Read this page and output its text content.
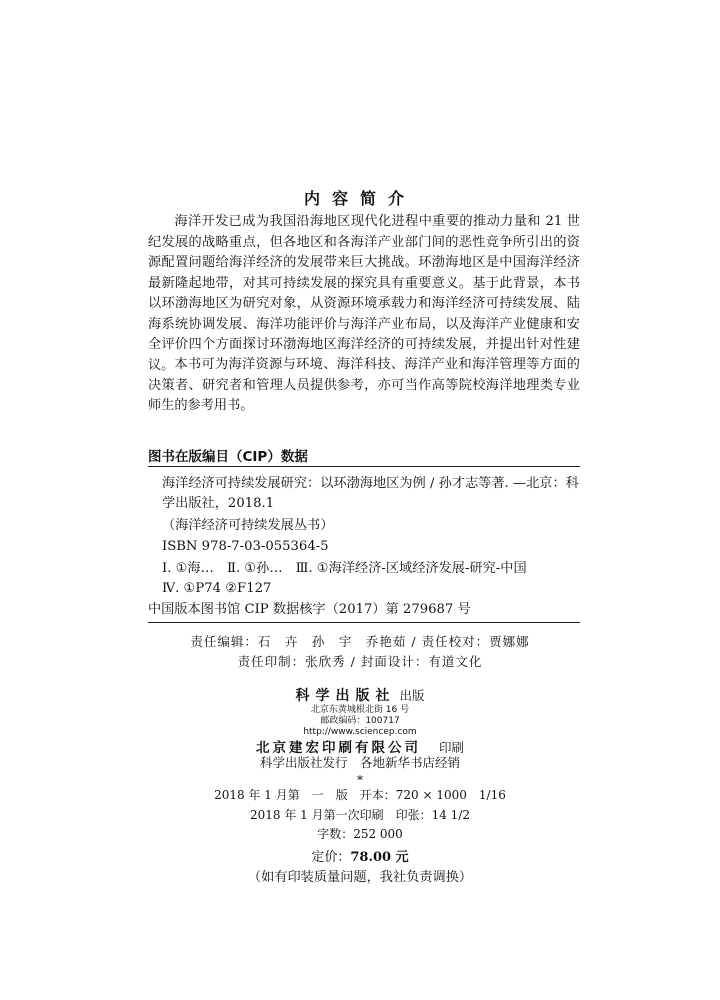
内容简介

海洋开发已成为我国沿海地区现代化进程中重要的推动力量和 21 世纪发展的战略重点，但各地区和各海洋产业部门间的恶性竞争所引出的资源配置问题给海洋经济的发展带来巨大挑战。环渤海地区是中国海洋经济最新隆起地带，对其可持续发展的探究具有重要意义。基于此背景，本书以环渤海地区为研究对象，从资源环境承载力和海洋经济可持续发展、陆海系统协调发展、海洋功能评价与海洋产业布局，以及海洋产业健康和安全评价四个方面探讨环渤海地区海洋经济的可持续发展，并提出针对性建议。 本书可为海洋资源与环境、海洋科技、海洋产业和海洋管理等方面的决策者、研究者和管理人员提供参考，亦可当作高等院校海洋地理类专业师生的参考用书。

图书在版编目（CIP）数据
海洋经济可持续发展研究：以环渤海地区为例 / 孙才志等著. —北京：科学出版社，2018.1
（海洋经济可持续发展丛书）
ISBN 978-7-03-055364-5
Ⅰ. ①海…　Ⅱ. ①孙…　Ⅲ. ①海洋经济-区域经济发展-研究-中国
Ⅳ. ①P74 ②F127
中国版本图书馆 CIP 数据核字（2017）第 279687 号
责任编辑：石　卉　孙　宇　乔艳茹 / 责任校对：贾娜娜
责任印制：张欣秀 / 封面设计：有道文化
科学出版社 出版
北京东黄城根北街 16 号
邮政编码：100717
http://www.sciencep.com
北京建宏印刷有限公司 印刷
科学出版社发行　各地新华书店经销
*
2018 年 1 月第　一　版　开本：720 × 1000　1/16
2018 年 1 月第一次印刷　印张：14 1/2
字数：252 000
定价：78.00 元
（如有印装质量问题，我社负责调换）
